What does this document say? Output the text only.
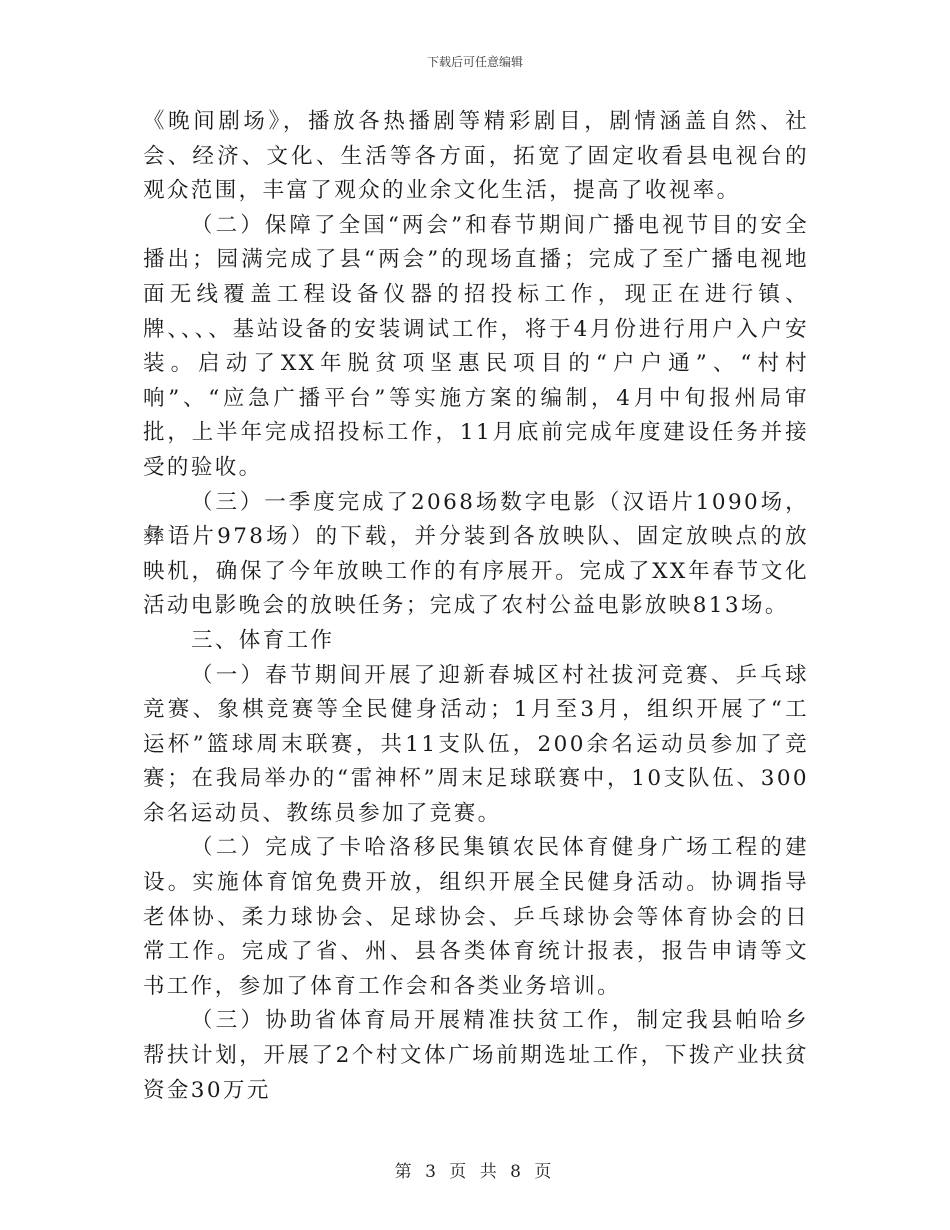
下载后可任意编辑

《晚间剧场》，播放各热播剧等精彩剧目，剧情涵盖自然、社会、经济、文化、生活等各方面，拓宽了固定收看县电视台的观众范围，丰富了观众的业余文化生活，提高了收视率。

（二）保障了全国“两会”和春节期间广播电视节目的安全播出；园满完成了县“两会”的现场直播；完成了至广播电视地面无线覆盖工程设备仪器的招投标工作，现正在进行镇、牌、、、、基站设备的安装调试工作，将于4月份进行用户入户安装。启动了XX年脱贫项坚惠民项目的“户户通”、“村村响”、“应急广播平台”等实施方案的编制，4月中旬报州局审批，上半年完成招投标工作，11月底前完成年度建设任务并接受的验收。

（三）一季度完成了2068场数字电影（汉语片1090场，彝语片978场）的下载，并分装到各放映队、固定放映点的放映机，确保了今年放映工作的有序展开。完成了XX年春节文化活动电影晚会的放映任务；完成了农村公益电影放映813场。

三、体育工作

（一）春节期间开展了迎新春城区村社拔河竞赛、乒乓球竞赛、象棋竞赛等全民健身活动；1月至3月，组织开展了“工运杯”篮球周末联赛，共11支队伍，200余名运动员参加了竞赛；在我局举办的“雷神杯”周末足球联赛中，10支队伍、300余名运动员、教练员参加了竞赛。

（二）完成了卡哈洛移民集镇农民体育健身广场工程的建设。实施体育馆免费开放，组织开展全民健身活动。协调指导老体协、柔力球协会、足球协会、乒乓球协会等体育协会的日常工作。完成了省、州、县各类体育统计报表，报告申请等文书工作，参加了体育工作会和各类业务培训。

（三）协助省体育局开展精准扶贫工作，制定我县帕哈乡帮扶计划，开展了2个村文体广场前期选址工作，下拨产业扶贫资金30万元

第 3 页 共 8 页
